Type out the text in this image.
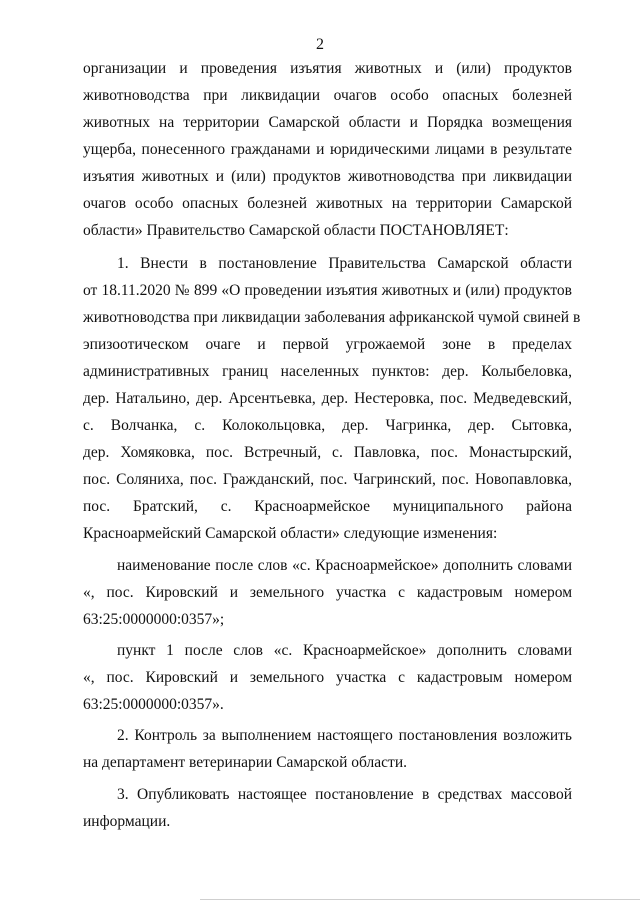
2
организации и проведения изъятия животных и (или) продуктов
животноводства при ликвидации очагов особо опасных болезней
животных на территории Самарской области и Порядка возмещения
ущерба, понесенного гражданами и юридическими лицами в результате
изъятия животных и (или) продуктов животноводства при ликвидации
очагов особо опасных болезней животных на территории Самарской
области» Правительство Самарской области ПОСТАНОВЛЯЕТ:
1. Внести в постановление Правительства Самарской области
от 18.11.2020 № 899 «О проведении изъятия животных и (или) продуктов
животноводства при ликвидации заболевания африканской чумой свиней в
эпизоотическом очаге и первой угрожаемой зоне в пределах
административных границ населенных пунктов: дер. Колыбеловка,
дер. Натальино, дер. Арсентьевка, дер. Нестеровка, пос. Медведевский,
с. Волчанка, с. Колокольцовка, дер. Чагринка, дер. Сытовка,
дер. Хомяковка, пос. Встречный, с. Павловка, пос. Монастырский,
пос. Соляниха, пос. Гражданский, пос. Чагринский, пос. Новопавловка,
пос. Братский, с. Красноармейское муниципального района
Красноармейский Самарской области» следующие изменения:
наименование после слов «с. Красноармейское» дополнить словами
«, пос. Кировский и земельного участка с кадастровым номером
63:25:0000000:0357»;
пункт 1 после слов «с. Красноармейское» дополнить словами
«, пос. Кировский и земельного участка с кадастровым номером
63:25:0000000:0357».
2. Контроль за выполнением настоящего постановления возложить
на департамент ветеринарии Самарской области.
3. Опубликовать настоящее постановление в средствах массовой
информации.
